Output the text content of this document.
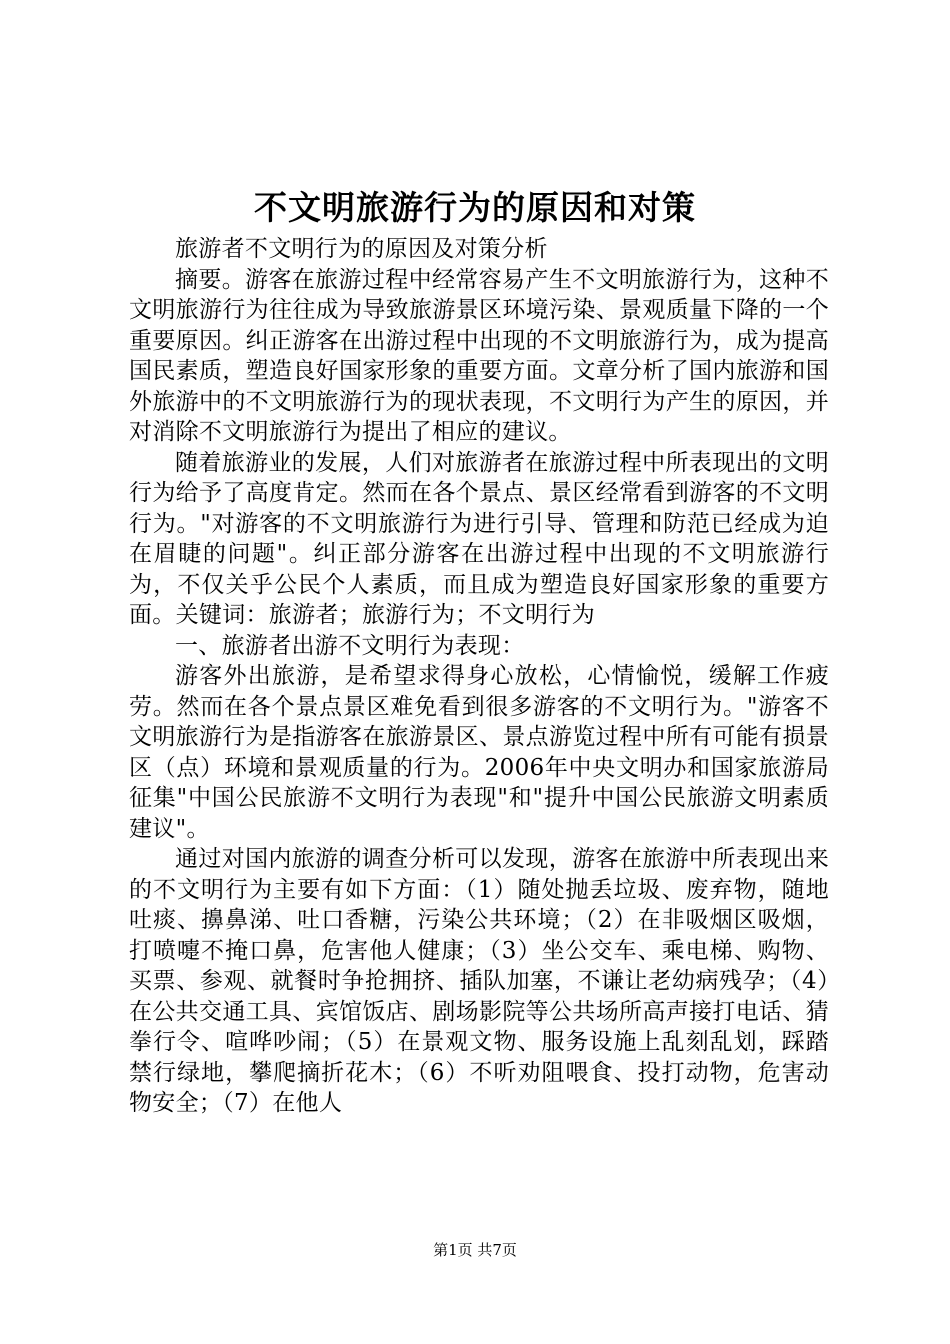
不文明旅游行为的原因和对策

旅游者不文明行为的原因及对策分析

摘要。游客在旅游过程中经常容易产生不文明旅游行为，这种不文明旅游行为往往成为导致旅游景区环境污染、景观质量下降的一个重要原因。纠正游客在出游过程中出现的不文明旅游行为，成为提高国民素质，塑造良好国家形象的重要方面。文章分析了国内旅游和国外旅游中的不文明旅游行为的现状表现，不文明行为产生的原因，并对消除不文明旅游行为提出了相应的建议。

随着旅游业的发展，人们对旅游者在旅游过程中所表现出的文明行为给予了高度肯定。然而在各个景点、景区经常看到游客的不文明行为。"对游客的不文明旅游行为进行引导、管理和防范已经成为迫在眉睫的问题"。纠正部分游客在出游过程中出现的不文明旅游行为，不仅关乎公民个人素质，而且成为塑造良好国家形象的重要方面。关键词：旅游者；旅游行为；不文明行为

一、旅游者出游不文明行为表现：

游客外出旅游，是希望求得身心放松，心情愉悦，缓解工作疲劳。然而在各个景点景区难免看到很多游客的不文明行为。"游客不文明旅游行为是指游客在旅游景区、景点游览过程中所有可能有损景区（点）环境和景观质量的行为。2006年中央文明办和国家旅游局征集"中国公民旅游不文明行为表现"和"提升中国公民旅游文明素质建议"。

通过对国内旅游的调查分析可以发现，游客在旅游中所表现出来的不文明行为主要有如下方面：（1）随处抛丢垃圾、废弃物，随地吐痰、擤鼻涕、吐口香糖，污染公共环境；（2）在非吸烟区吸烟，打喷嚏不掩口鼻，危害他人健康；（3）坐公交车、乘电梯、购物、买票、参观、就餐时争抢拥挤、插队加塞，不谦让老幼病残孕；（4）在公共交通工具、宾馆饭店、剧场影院等公共场所高声接打电话、猜拳行令、喧哗吵闹；（5）在景观文物、服务设施上乱刻乱划，踩踏禁行绿地，攀爬摘折花木；（6）不听劝阻喂食、投打动物，危害动物安全；（7）在他人

第1页 共7页
